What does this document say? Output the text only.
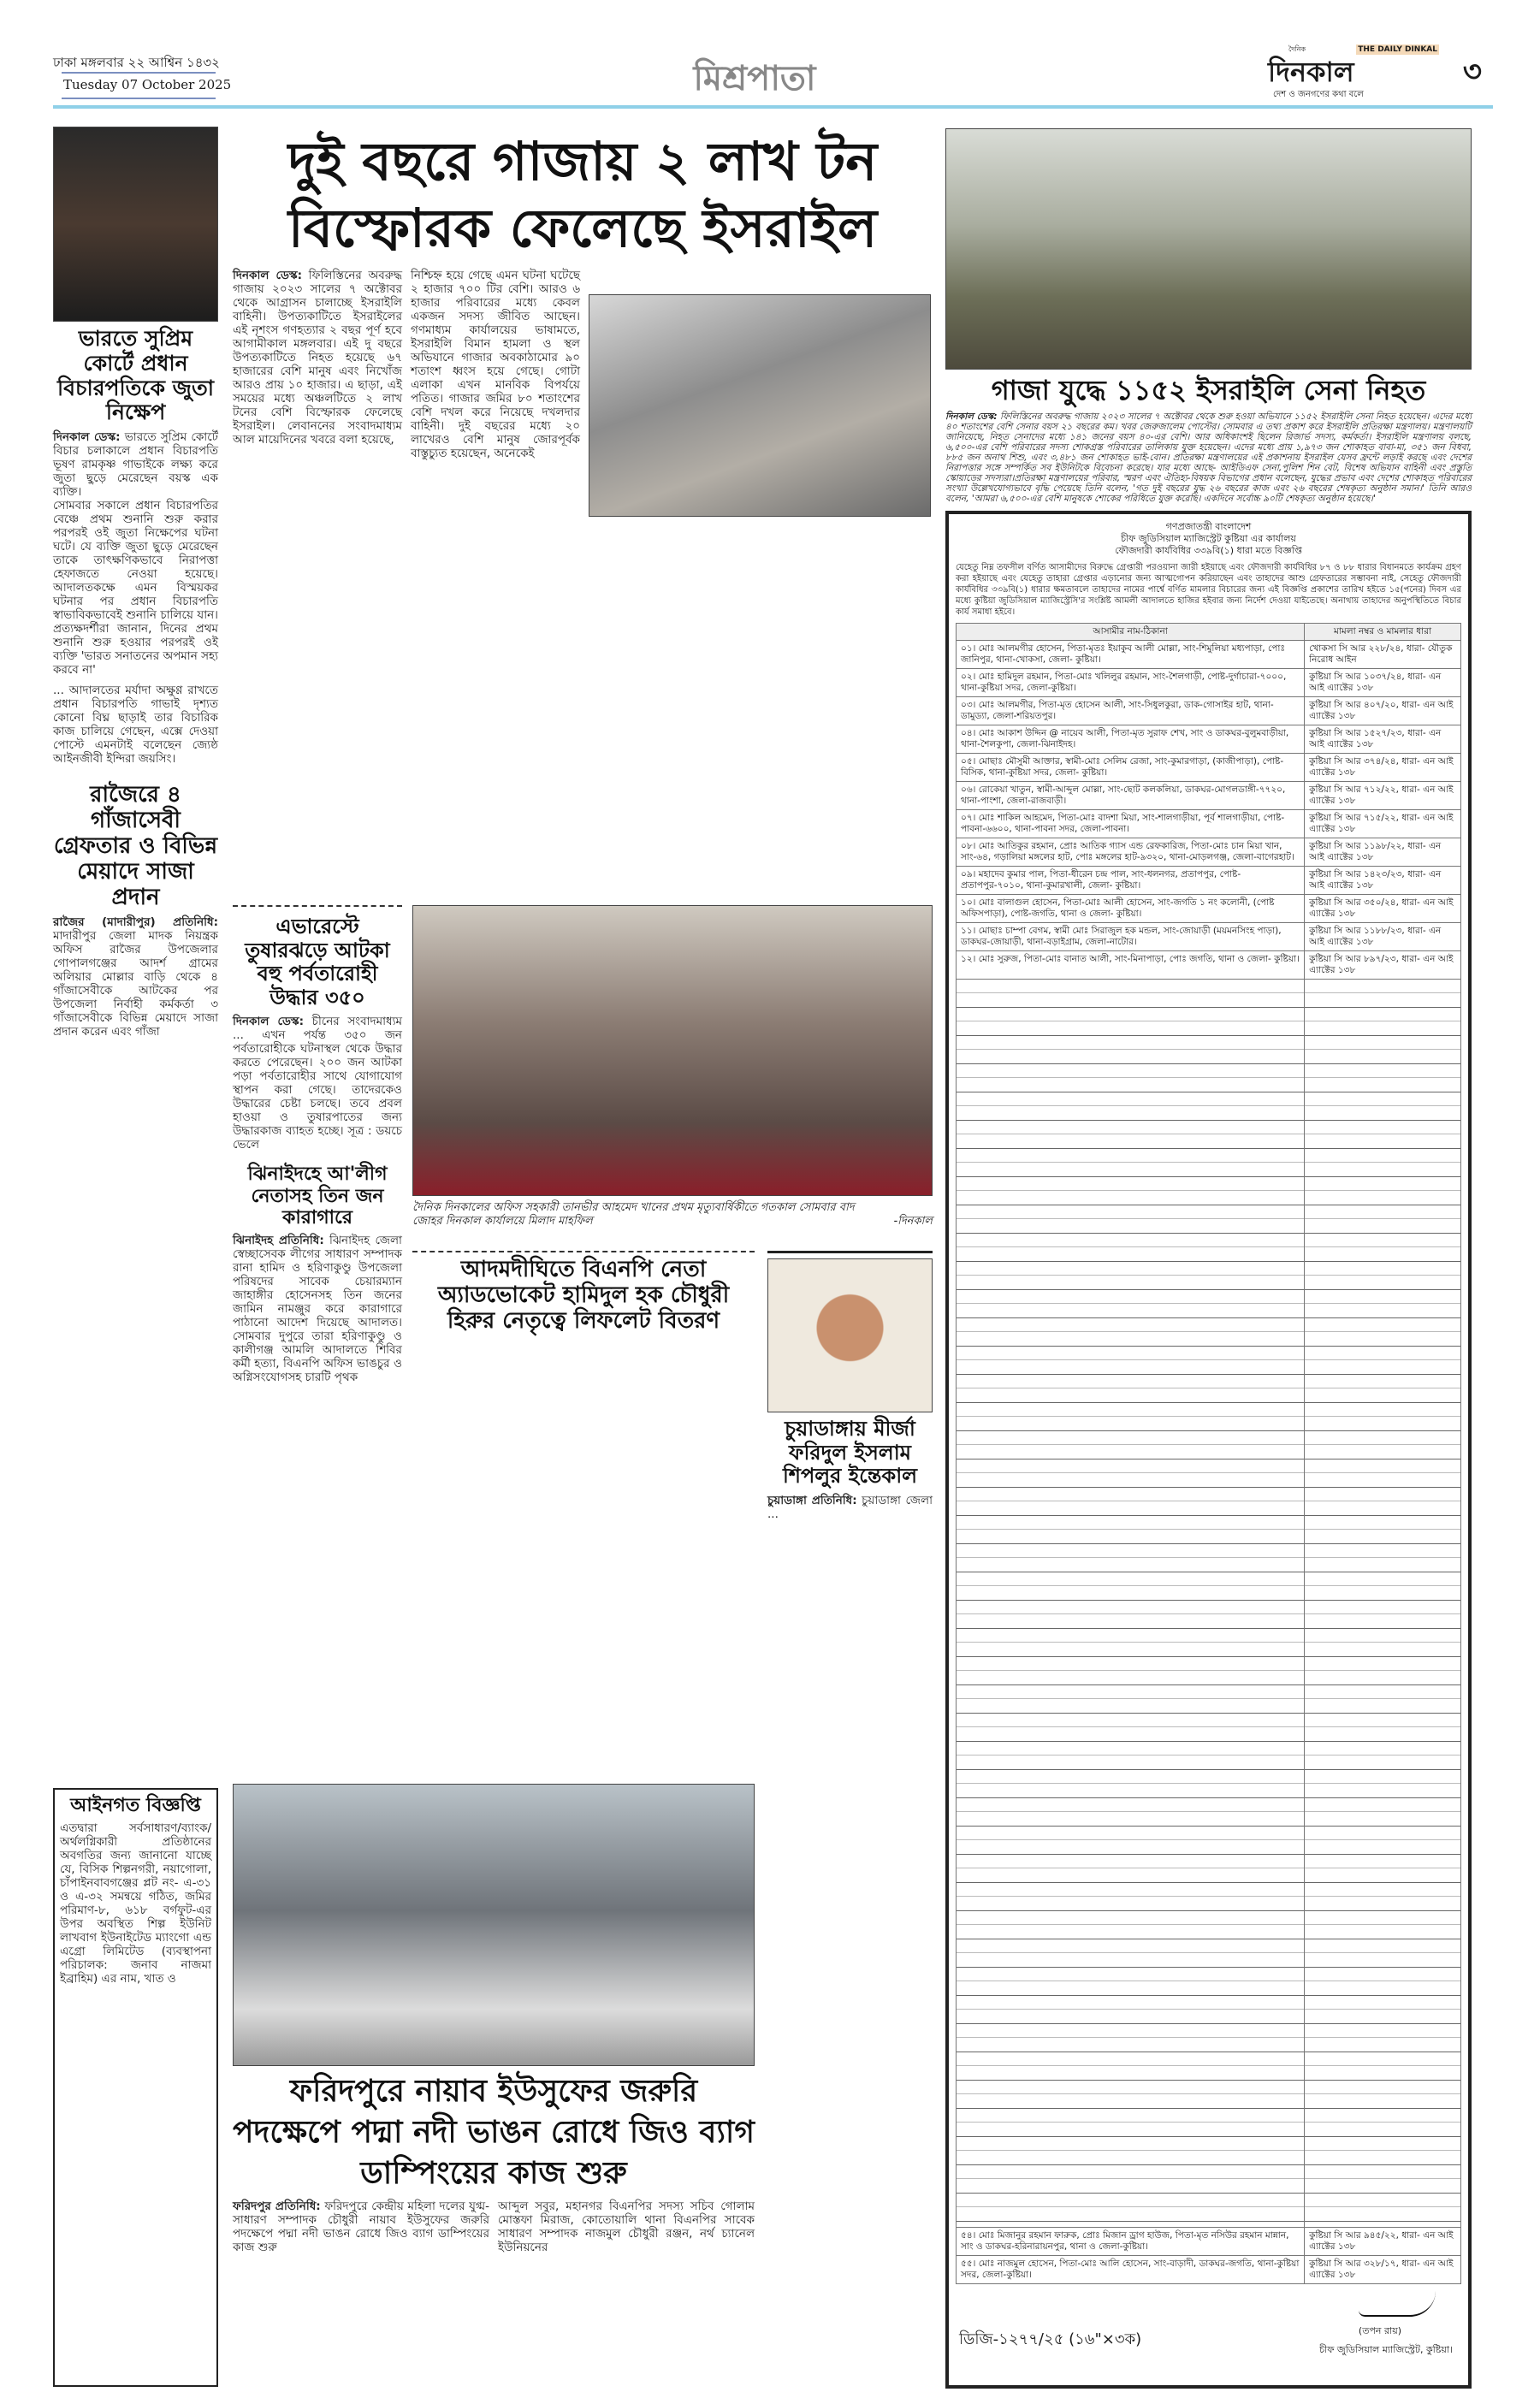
ঢাকা মঙ্গলবার ২২ আশ্বিন ১৪৩২
Tuesday 07 October 2025	মিশ্রপাতা
দৈনিক	THE DAILY DINKAL
দিনকাল	৩
দেশ ও জনগণের কথা বলে
ভারতে সুপ্রিম কোর্টে প্রধান বিচারপতিকে জুতা নিক্ষেপ

দিনকাল ডেস্ক: ভারতে সুপ্রিম কোর্টে বিচার চলাকালে প্রধান বিচারপতি ভূষণ রামকৃষ্ণ গাভাইকে লক্ষ্য করে জুতা ছুড়ে মেরেছেন বয়স্ক এক ব্যক্তি।

সোমবার সকালে প্রধান বিচারপতির বেঞ্চে প্রথম শুনানি শুরু করার পরপরই ওই জুতা নিক্ষেপের ঘটনা ঘটে। যে ব্যক্তি জুতা ছুড়ে মেরেছেন তাকে তাৎক্ষণিকভাবে নিরাপত্তা হেফাজতে নেওয়া হয়েছে। আদালতকক্ষে এমন বিস্ময়কর ঘটনার পর প্রধান বিচারপতি স্বাভাবিকভাবেই শুনানি চালিয়ে যান। প্রত্যক্ষদর্শীরা জানান, দিনের প্রথম শুনানি শুরু হওয়ার পরপরই ওই ব্যক্তি 'ভারত সনাতনের অপমান সহ্য করবে না'

... আদালতের মর্যাদা অক্ষুণ্ণ রাখতে প্রধান বিচারপতি গাভাই দৃশ্যত কোনো বিঘ্ন ছাড়াই তার বিচারিক কাজ চালিয়ে গেছেন, এক্সে দেওয়া পোস্টে এমনটাই বলেছেন জ্যেষ্ঠ আইনজীবী ইন্দিরা জয়সিং।

রাজৈরে ৪ গাঁজাসেবী গ্রেফতার ও বিভিন্ন মেয়াদে সাজা প্রদান
রাজৈর (মাদারীপুর) প্রতিনিধি: মাদারীপুর জেলা মাদক নিয়ন্ত্রক অফিস রাজৈর উপজেলার গোপালগঞ্জের আদর্শ গ্রামের অলিয়ার মোল্লার বাড়ি থেকে ৪ গাঁজাসেবীকে আটকের পর উপজেলা নির্বাহী কর্মকর্তা ৩ গাঁজাসেবীকে বিভিন্ন মেয়াদে সাজা প্রদান করেন এবং গাঁজা
আইনগত বিজ্ঞপ্তি
এতদ্বারা সর্বসাধারণ/ব্যাংক/অর্থলগ্নিকারী প্রতিষ্ঠানের অবগতির জন্য জানানো যাচ্ছে যে, বিসিক শিল্পনগরী, নয়াগোলা, চাঁপাইনবাবগঞ্জের প্লট নং- এ-৩১ ও এ-৩২ সমন্বয়ে গঠিত, জমির পরিমাণ-৮, ৬১৮ বর্গফুট-এর উপর অবস্থিত শিল্প ইউনিট লাখবাগ ইউনাইটেড ম্যাংগো এন্ড এগ্রো লিমিটেড (ব্যবস্থাপনা পরিচালক: জনাব নাজমা ইব্রাহিম) এর নাম, খাত ও
দুই বছরে গাজায় ২ লাখ টন বিস্ফোরক ফেলেছে ইসরাইল
দিনকাল ডেস্ক: ফিলিস্তিনের অবরুদ্ধ গাজায় ২০২৩ সালের ৭ অক্টোবর থেকে আগ্রাসন চালাচ্ছে ইসরাইলি বাহিনী। উপত্যকাটিতে ইসরাইলের এই নৃশংস গণহত্যার ২ বছর পূর্ণ হবে আগামীকাল মঙ্গলবার। এই দু বছরে উপত্যকাটিতে নিহত হয়েছে ৬৭ হাজারের বেশি মানুষ এবং নিখোঁজ আরও প্রায় ১০ হাজার। এ ছাড়া, এই সময়ের মধ্যে অঞ্চলটিতে ২ লাখ টনের বেশি বিস্ফোরক ফেলেছে ইসরাইল। লেবাননের সংবাদমাধ্যম আল মায়েদিনের খবরে বলা হয়েছে,
নিশ্চিহ্ন হয়ে গেছে এমন ঘটনা ঘটেছে ২ হাজার ৭০০ টির বেশি। আরও ৬ হাজার পরিবারের মধ্যে কেবল একজন সদস্য জীবিত আছেন। গণমাধ্যম কার্যালয়ের ভাষামতে, ইসরাইলি বিমান হামলা ও স্থল অভিযানে গাজার অবকাঠামোর ৯০ শতাংশ ধ্বংস হয়ে গেছে। গোটা এলাকা এখন মানবিক বিপর্যয়ে পতিত। গাজার জমির ৮০ শতাংশের বেশি দখল করে নিয়েছে দখলদার বাহিনী। দুই বছরের মধ্যে ২০ লাখেরও বেশি মানুষ জোরপূর্বক বাস্তুচ্যুত হয়েছেন, অনেকেই
এভারেস্টে তুষারঝড়ে আটকা বহু পর্বতারোহী উদ্ধার ৩৫০
দিনকাল ডেস্ক: চীনের সংবাদমাধ্যম ... এখন পর্যন্ত ৩৫০ জন পর্বতারোহীকে ঘটনাস্থল থেকে উদ্ধার করতে পেরেছেন। ২০০ জন আটকা পড়া পর্বতারোহীর সাথে যোগাযোগ স্থাপন করা গেছে। তাদেরকেও উদ্ধারের চেষ্টা চলছে। তবে প্রবল হাওয়া ও তুষারপাতের জন্য উদ্ধারকাজ ব্যাহত হচ্ছে। সূত্র : ডয়চে ভেলে
ঝিনাইদহে আ'লীগ নেতাসহ তিন জন কারাগারে
ঝিনাইদহ প্রতিনিধি: ঝিনাইদহ জেলা স্বেচ্ছাসেবক লীগের সাধারণ সম্পাদক রানা হামিদ ও হরিণাকুণ্ডু উপজেলা পরিষদের সাবেক চেয়ারম্যান জাহাঙ্গীর হোসেনসহ তিন জনের জামিন নামঞ্জুর করে কারাগারে পাঠানো আদেশ দিয়েছে আদালত। সোমবার দুপুরে তারা হরিণাকুণ্ডু ও কালীগঞ্জ আমলি আদালতে শিবির কর্মী হত্যা, বিএনপি অফিস ভাঙচুর ও অগ্নিসংযোগসহ চারটি পৃথক
দৈনিক দিনকালের অফিস সহকারী তানভীর আহমেদ খানের প্রথম মৃত্যুবার্ষিকীতে গতকাল সোমবার বাদ জোহর দিনকাল কার্যালয়ে মিলাদ মাহফিল	-দিনকাল
আদমদীঘিতে বিএনপি নেতা অ্যাডভোকেট হামিদুল হক চৌধুরী হিরুর নেতৃত্বে লিফলেট বিতরণ
চুয়াডাঙ্গায় মীর্জা ফরিদুল ইসলাম শিপলুর ইন্তেকাল
চুয়াডাঙ্গা প্রতিনিধি: চুয়াডাঙ্গা জেলা ...
ফরিদপুরে নায়াব ইউসুফের জরুরি পদক্ষেপে পদ্মা নদী ভাঙন রোধে জিও ব্যাগ ডাম্পিংয়ের কাজ শুরু
ফরিদপুর প্রতিনিধি: ফরিদপুরে কেন্দ্রীয় মহিলা দলের যুগ্ম-সাধারণ সম্পাদক চৌধুরী নায়াব ইউসুফের জরুরি পদক্ষেপে পদ্মা নদী ভাঙন রোধে জিও ব্যাগ ডাম্পিংয়ের কাজ শুরু
আব্দুল সবুর, মহানগর বিএনপির সদস্য সচিব গোলাম মোস্তফা মিরাজ, কোতোয়ালি থানা বিএনপির সাবেক সাধারণ সম্পাদক নাজমুল চৌধুরী রঞ্জন, নর্থ চ্যানেল ইউনিয়নের
গাজা যুদ্ধে ১১৫২ ইসরাইলি সেনা নিহত
দিনকাল ডেস্ক: ফিলিস্তিনের অবরুদ্ধ গাজায় ২০২৩ সালের ৭ অক্টোবর থেকে শুরু হওয়া অভিযানে ১১৫২ ইসরাইলি সেনা নিহত হয়েছেন। এদের মধ্যে ৪০ শতাংশের বেশি সেনার বয়স ২১ বছরের কম। খবর জেরুজালেম পোস্টের। সোমবার এ তথ্য প্রকাশ করে ইসরাইলি প্রতিরক্ষা মন্ত্রণালয়। মন্ত্রণালয়টি জানিয়েছে, নিহত সেনাদের মধ্যে ১৪১ জনের বয়স ৪০-এর বেশি। আর অধিকাংশই ছিলেন রিজার্ভ সদস্য, কর্মকর্তা। ইসরাইলি মন্ত্রণালয় বলছে, ৬,৫০০-এর বেশি পরিবারের সদস্য শোকগ্রস্ত পরিবারের তালিকায় যুক্ত হয়েছেন। এদের মধ্যে প্রায় ১,৯৭৩ জন শোকাহত বাবা-মা, ৩৫১ জন বিধবা, ৮৮৫ জন অনাথ শিশু, এবং ৩,৪৮১ জন শোকাহত ভাই-বোন। প্রতিরক্ষা মন্ত্রণালয়ের এই প্রকাশনায় ইসরাইল যেসব ফ্রন্টে লড়াই করছে এবং দেশের নিরাপত্তার সঙ্গে সম্পর্কিত সব ইউনিটকে বিবেচনা করেছে। যার মধ্যে আছে- আইডিএফ সেনা,পুলিশ শিন বেট, বিশেষ অভিযান বাহিনী এবং প্রস্তুতি স্কোয়াডের সদস্যরা।প্রতিরক্ষা মন্ত্রণালয়ের পরিবার, স্মরণ এবং ঐতিহ্য-বিষয়ক বিভাগের প্রধান বলেছেন, যুদ্ধের প্রভাব এবং দেশের শোকাহত পরিবারের সংখ্যা উল্লেখযোগ্যভাবে বৃদ্ধি পেয়েছে তিনি বলেন, 'গত দুই বছরের যুদ্ধ ২৬ বছরের কাজ এবং ২৬ বছরের শেষকৃত্য অনুষ্ঠান সমান।' তিনি আরও বলেন, 'আমরা ৬,৫০০-এর বেশি মানুষকে শোকের পরিধিতে যুক্ত করেছি। একদিনে সর্বোচ্চ ৯০টি শেষকৃত্য অনুষ্ঠান হয়েছে।'
গণপ্রজাতন্ত্রী বাংলাদেশ
চীফ জুডিসিয়াল ম্যাজিস্ট্রেট কুষ্টিয়া এর কার্যালয়
ফৌজদারী কার্যবিধির ৩৩৯বি(১) ধারা মতে বিজ্ঞপ্তি
যেহেতু নিম্ন তফসীল বর্ণিত আসামীদের বিরুদ্ধে গ্রেপ্তারী পরওয়ানা জারী হইয়াছে এবং ফৌজদারী কার্যবিধির ৮৭ ও ৮৮ ধারার বিধানমতে কার্যক্রম গ্রহণ করা হইয়াছে এবং যেহেতু তাহারা গ্রেপ্তার এড়ানোর জন্য আত্মগোপন করিয়াছেন এবং তাহাদের আশু গ্রেফতারের সম্ভাবনা নাই, সেহেতু ফৌজদারী কার্যবিধির ৩৩৯বি(১) ধারার ক্ষমতাবলে তাহাদের নামের পার্শ্বে বর্ণিত মামলার বিচারের জন্য এই বিজ্ঞপ্তি প্রকাশের তারিখ হইতে ১৫(পনের) দিবস এর মধ্যে কুষ্টিয়া জুডিসিয়াল ম্যাজিস্ট্রেসি'র সংশ্লিষ্ট আমলী আদালতে হাজির হইবার জন্য নির্দেশ দেওয়া যাইতেছে। অনাথায় তাহাদের অনুপস্থিতিতে বিচার কার্য সমাধা হইবে।
আসামীর নাম-ঠিকানা	মামলা নম্বর ও মামলার ধারা
০১। মোঃ আলমগীর হোসেন, পিতা-মৃতঃ ইয়াকুব আলী মোল্লা, সাং-শিমুলিয়া মধ্যপাড়া, পোঃ জানিপুর, থানা-খোকসা, জেলা- কুষ্টিয়া।	খোকসা সি আর ২২৮/২৪, ধারা- যৌতুক নিরোধ আইন
০২। মোঃ হামিদুল রহমান, পিতা-মোঃ খলিলুর রহমান, সাং-শৈলগাড়ী, পোষ্ট-দুর্গাচারা-৭০০০, থানা-কুষ্টিয়া সদর, জেলা-কুষ্টিয়া।	কুষ্টিয়া সি আর ১০৩৭/২৪, ধারা- এন আই এ্যাক্টের ১৩৮
০৩। মোঃ আলমগীর, পিতা-মৃত হোসেন আলী, সাং-সিধুলকুরা, ডাক-গোসাইর হাট, থানা-ডামুড্যা, জেলা-শরিয়তপুর।	কুষ্টিয়া সি আর ৪০৭/২০, ধারা- এন আই এ্যাক্টের ১৩৮
০৪। মোঃ আকাশ উদ্দিন @ নায়েব আলী, পিতা-মৃত সুরাফ শেখ, সাং ও ডাকঘর-বুলুমবাড়ীয়া, থানা-শৈলকুপা, জেলা-ঝিনাইদহ।	কুষ্টিয়া সি আর ১৫২৭/২৩, ধারা- এন আই এ্যাক্টের ১৩৮
০৫। মোছাঃ মৌসুমী আক্তার, স্বামী-মোঃ সেলিম রেজা, সাং-কুমারগাড়া, (কাজীপাড়া), পোষ্ট-বিসিক, থানা-কুষ্টিয়া সদর, জেলা- কুষ্টিয়া।	কুষ্টিয়া সি আর ৩৭৪/২৪, ধারা- এন আই এ্যাক্টের ১৩৮
০৬। রোকেয়া খাতুন, স্বামী-আব্দুল মোল্লা, সাং-ছোট কলকলিয়া, ডাকঘর-মোগলডাঙ্গী-৭৭২০, থানা-পাংশা, জেলা-রাজবাড়ী।	কুষ্টিয়া সি আর ৭১২/২২, ধারা- এন আই এ্যাক্টের ১৩৮
০৭। মোঃ শাকিল আহমেদ, পিতা-মোঃ বাদশা মিয়া, সাং-শালগাড়ীয়া, পূর্ব শালগাড়ীয়া, পোষ্ট-পাবনা-৬৬০০, থানা-পাবনা সদর, জেলা-পাবনা।	কুষ্টিয়া সি আর ৭১৫/২২, ধারা- এন আই এ্যাক্টের ১৩৮
০৮। মোঃ আতিকুর রহমান, প্রোঃ আতিক গ্যাস এন্ড রেফকারিজ, পিতা-মোঃ চান মিয়া খান, সাং-৬৪, গড়ালিয়া মঙ্গলের হাট, পোঃ মঙ্গলের হাট-৯৩২০, থানা-মোড়লগঞ্জ, জেলা-বাগেরহাট।	কুষ্টিয়া সি আর ১১৯৮/২২, ধারা- এন আই এ্যাক্টের ১৩৮
০৯। মহাদেব কুমার পাল, পিতা-ধীরেন চন্দ্র পাল, সাং-ধলনগর, প্রতাপপুর, পোষ্ট-প্রতাপপুর-৭০১০, থানা-কুমারখালী, জেলা- কুষ্টিয়া।	কুষ্টিয়া সি আর ১৪২৩/২৩, ধারা- এন আই এ্যাক্টের ১৩৮
১০। মোঃ বালাগুল হোসেন, পিতা-মোঃ আলী হোসেন, সাং-জগতি ১ নং কলোনী, (পোষ্ট অফিসপাড়া), পোষ্ট-জগতি, থানা ও জেলা- কুষ্টিয়া।	কুষ্টিয়া সি আর ৩৫০/২৪, ধারা- এন আই এ্যাক্টের ১৩৮
১১। মোছাঃ চাম্পা বেগম, স্বামী মোঃ সিরাজুল হক মন্ডল, সাং-জোয়াড়ী (ময়মনসিংহ পাড়া), ডাকঘর-জোয়াড়ী, থানা-বড়াইগ্রাম, জেলা-নাটোর।	কুষ্টিয়া সি আর ১১৮৮/২৩, ধারা- এন আই এ্যাক্টের ১৩৮
১২। মোঃ সুরুজ, পিতা-মোঃ বানাত আলী, সাং-মিনাপাড়া, পোঃ জগতি, থানা ও জেলা- কুষ্টিয়া।	কুষ্টিয়া সি আর ৮৯৭/২৩, ধারা- এন আই এ্যাক্টের ১৩৮
৫৪। মোঃ মিজানুর রহমান ফারুক, প্রোঃ মিজান ড্রাগ হাউজ, পিতা-মৃত নসিউর রহমান মান্নান, সাং ও ডাকঘর-হরিনারায়নপুর, থানা ও জেলা-কুষ্টিয়া।	কুষ্টিয়া সি আর ৯৪৫/২২, ধারা- এন আই এ্যাক্টের ১৩৮
৫৫। মোঃ নাজমুল হোসেন, পিতা-মোঃ আলি হোসেন, সাং-বাড়াদী, ডাকঘর-জগতি, থানা-কুষ্টিয়া সদর, জেলা-কুষ্টিয়া।	কুষ্টিয়া সি আর ৩২৮/১৭, ধারা- এন আই এ্যাক্টের ১৩৮
ডিজি-১২৭৭/২৫ (১৬"×৩ক)	(তপন রায়)
চীফ জুডিসিয়াল ম্যাজিস্ট্রেট, কুষ্টিয়া।
